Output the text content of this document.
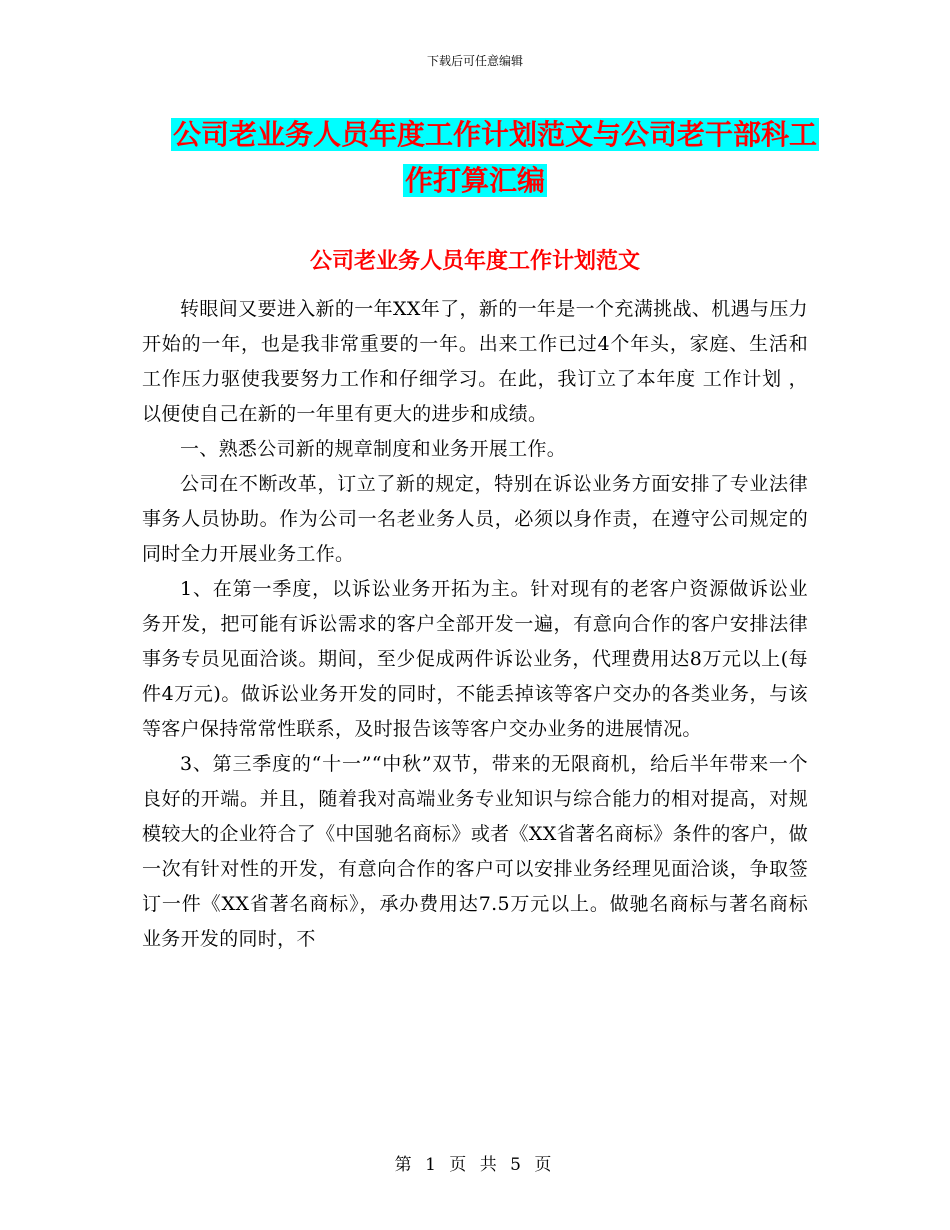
下载后可任意编辑
公司老业务人员年度工作计划范文与公司老干部科工
作打算汇编
公司老业务人员年度工作计划范文

转眼间又要进入新的一年XX年了，新的一年是一个充满挑战、机遇与压力开始的一年，也是我非常重要的一年。出来工作已过4个年头，家庭、生活和工作压力驱使我要努力工作和仔细学习。在此，我订立了本年度 工作计划 ，以便使自己在新的一年里有更大的进步和成绩。

一、熟悉公司新的规章制度和业务开展工作。

公司在不断改革，订立了新的规定，特别在诉讼业务方面安排了专业法律事务人员协助。作为公司一名老业务人员，必须以身作责，在遵守公司规定的同时全力开展业务工作。

1、在第一季度，以诉讼业务开拓为主。针对现有的老客户资源做诉讼业务开发，把可能有诉讼需求的客户全部开发一遍，有意向合作的客户安排法律事务专员见面洽谈。期间，至少促成两件诉讼业务，代理费用达8万元以上(每件4万元)。做诉讼业务开发的同时，不能丢掉该等客户交办的各类业务，与该等客户保持常常性联系，及时报告该等客户交办业务的进展情况。

3、第三季度的“十一”“中秋”双节，带来的无限商机，给后半年带来一个良好的开端。并且，随着我对高端业务专业知识与综合能力的相对提高，对规模较大的企业符合了《中国驰名商标》或者《XX省著名商标》条件的客户，做一次有针对性的开发，有意向合作的客户可以安排业务经理见面洽谈，争取签订一件《XX省著名商标》，承办费用达7.5万元以上。做驰名商标与著名商标业务开发的同时，不

第 1 页 共 5 页
